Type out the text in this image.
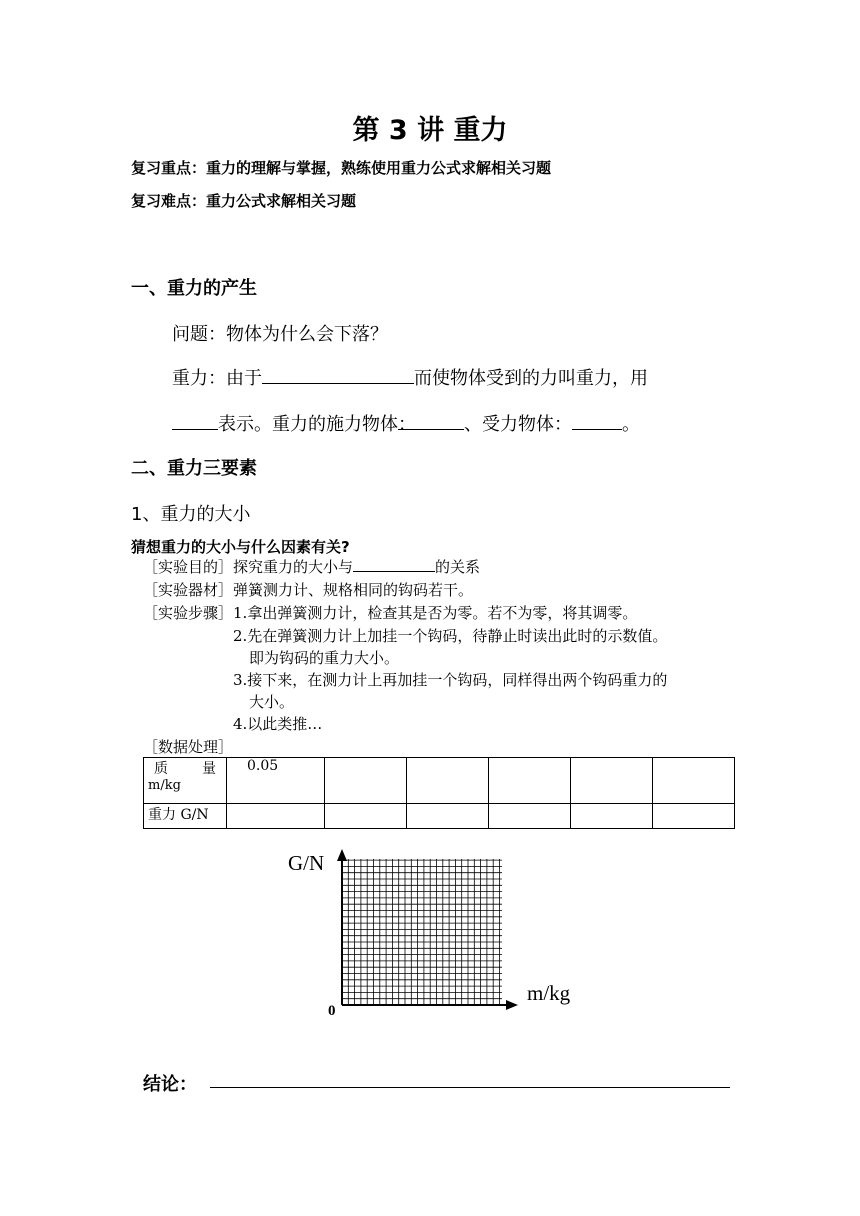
第 3 讲 重力
复习重点：重力的理解与掌握，熟练使用重力公式求解相关习题
复习难点：重力公式求解相关习题
一、重力的产生
问题：物体为什么会下落？
重力：由于	而使物体受到的力叫重力，用
表示。重力的施力物体：	、受力物体：	。
二、重力三要素
1、重力的大小
猜想重力的大小与什么因素有关?
［实验目的］探究重力的大小与	的关系
［实验器材］弹簧测力计、规格相同的钩码若干。
［实验步骤］1.拿出弹簧测力计，检查其是否为零。若不为零，将其调零。
2.先在弹簧测力计上加挂一个钩码，待静止时读出此时的示数值。
即为钩码的重力大小。
3.接下来，在测力计上再加挂一个钩码，同样得出两个钩码重力的
大小。
4.以此类推…
［数据处理］
质 量
m/kg	0.05					
重力 G/N						
G/N
m/kg
0
结论：
